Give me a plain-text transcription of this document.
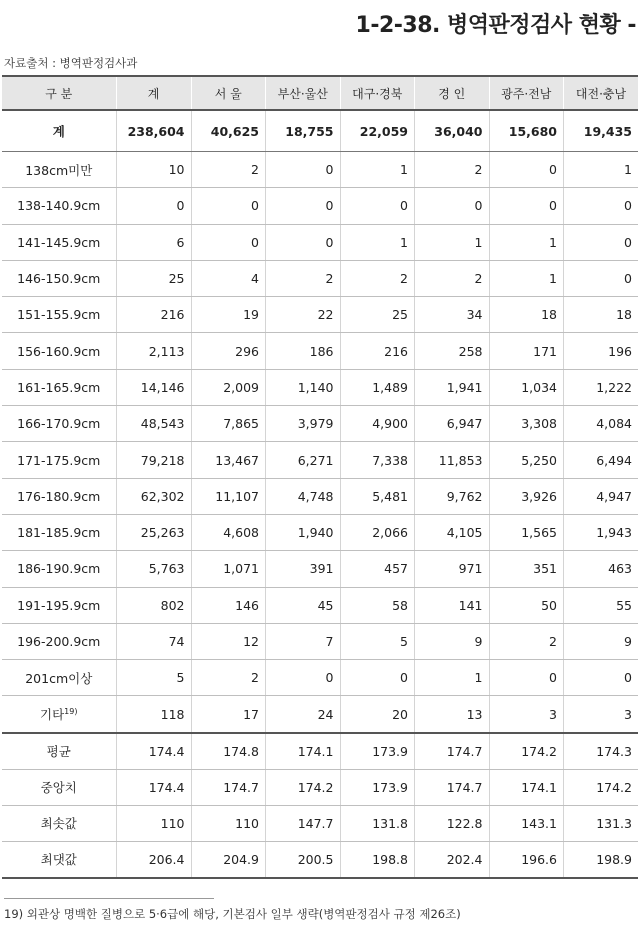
1-2-38. 병역판정검사 현황 -
자료출처 : 병역판정검사과
구 분	계	서 울	부산·울산	대구·경북	경 인	광주·전남	대전·충남
계	238,604	40,625	18,755	22,059	36,040	15,680	19,435
138cm미만	10	2	0	1	2	0	1
138-140.9cm	0	0	0	0	0	0	0
141-145.9cm	6	0	0	1	1	1	0
146-150.9cm	25	4	2	2	2	1	0
151-155.9cm	216	19	22	25	34	18	18
156-160.9cm	2,113	296	186	216	258	171	196
161-165.9cm	14,146	2,009	1,140	1,489	1,941	1,034	1,222
166-170.9cm	48,543	7,865	3,979	4,900	6,947	3,308	4,084
171-175.9cm	79,218	13,467	6,271	7,338	11,853	5,250	6,494
176-180.9cm	62,302	11,107	4,748	5,481	9,762	3,926	4,947
181-185.9cm	25,263	4,608	1,940	2,066	4,105	1,565	1,943
186-190.9cm	5,763	1,071	391	457	971	351	463
191-195.9cm	802	146	45	58	141	50	55
196-200.9cm	74	12	7	5	9	2	9
201cm이상	5	2	0	0	1	0	0
기타$^{19)}$	118	17	24	20	13	3	3
평균	174.4	174.8	174.1	173.9	174.7	174.2	174.3
중앙치	174.4	174.7	174.2	173.9	174.7	174.1	174.2
최솟값	110	110	147.7	131.8	122.8	143.1	131.3
최댓값	206.4	204.9	200.5	198.8	202.4	196.6	198.9
19) 외관상 명백한 질병으로 5·6급에 해당, 기본검사 일부 생략(병역판정검사 규정 제26조)
